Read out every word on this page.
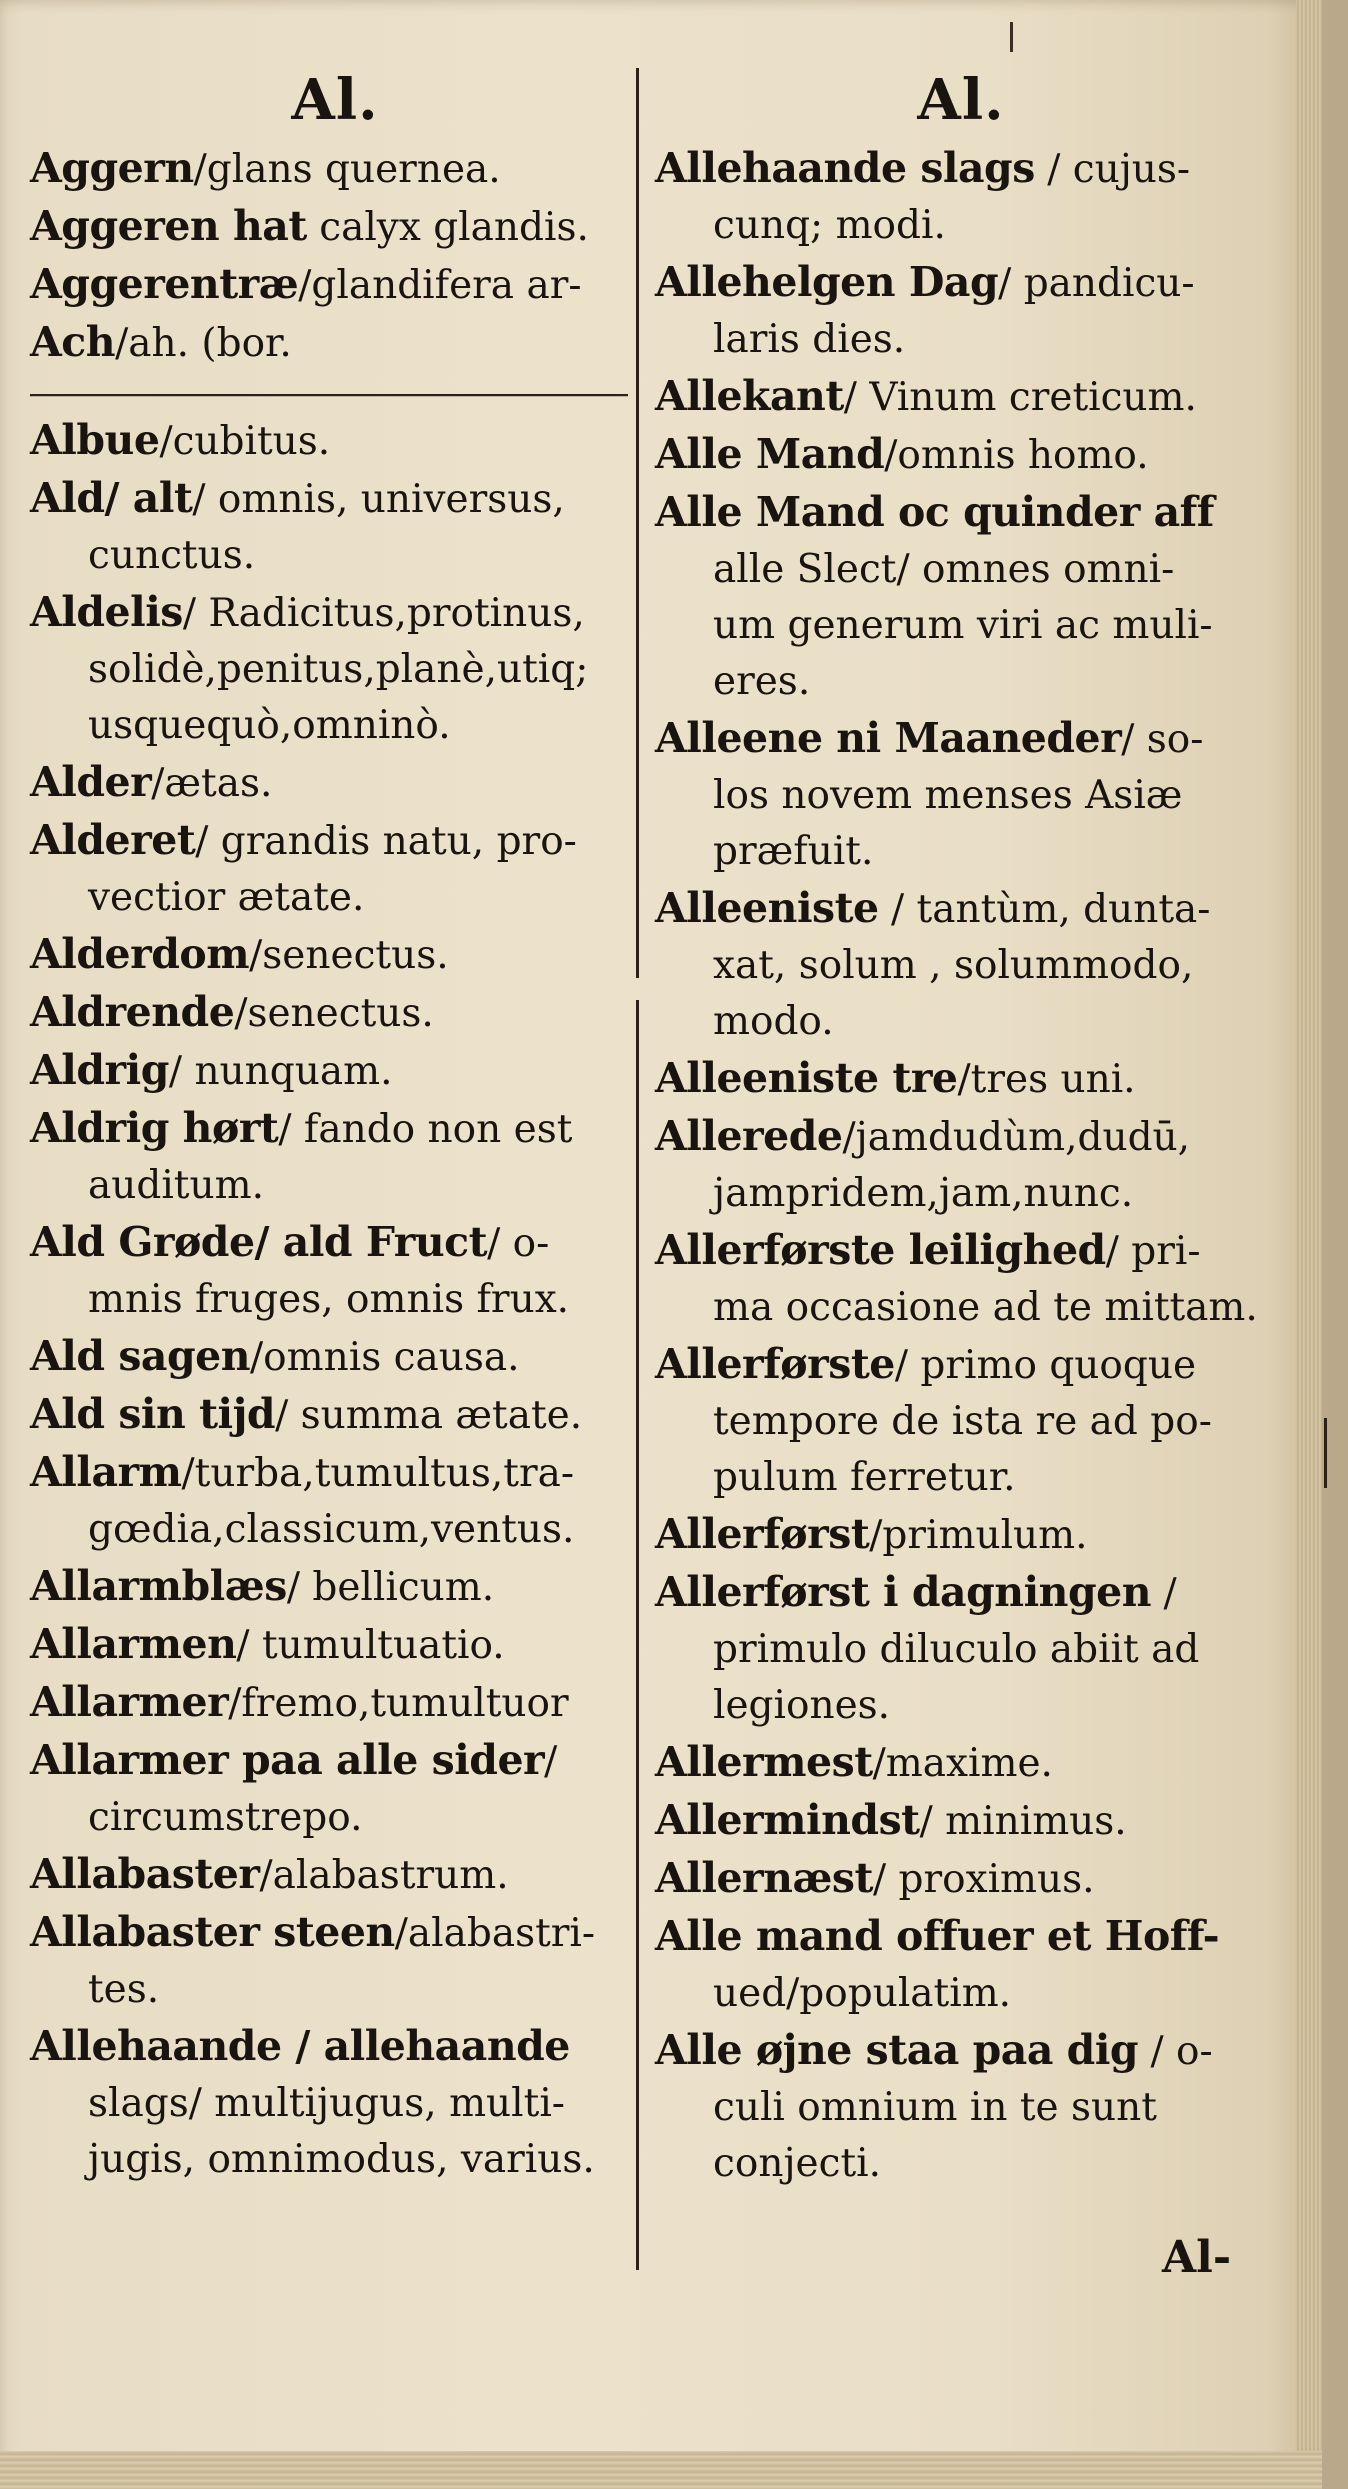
Al.
Aggern/glans quernea.
Aggeren hat calyx glandis.
Aggerentræ/glandifera ar-
Ach/ah. (bor.
Albue/cubitus.
Ald/ alt/ omnis, universus,
cunctus.
Aldelis/ Radicitus,protinus,
solidè,penitus,planè,utiq;
usquequò,omninò.
Alder/ætas.
Alderet/ grandis natu, pro-
vectior ætate.
Alderdom/senectus.
Aldrende/senectus.
Aldrig/ nunquam.
Aldrig hørt/ fando non est
auditum.
Ald Grøde/ ald Fruct/ o-
mnis fruges, omnis frux.
Ald sagen/omnis causa.
Ald sin tijd/ summa ætate.
Allarm/turba,tumultus,tra-
gœdia,classicum,ventus.
Allarmblæs/ bellicum.
Allarmen/ tumultuatio.
Allarmer/fremo,tumultuor
Allarmer paa alle sider/
circumstrepo.
Allabaster/alabastrum.
Allabaster steen/alabastri-
tes.
Allehaande / allehaande
slags/ multijugus, multi-
jugis, omnimodus, varius.
Al.
Allehaande slags / cujus-
cunq; modi.
Allehelgen Dag/ pandicu-
laris dies.
Allekant/ Vinum creticum.
Alle Mand/omnis homo.
Alle Mand oc quinder aff
alle Slect/ omnes omni-
um generum viri ac muli-
eres.
Alleene ni Maaneder/ so-
los novem menses Asiæ
præfuit.
Alleeniste / tantùm, dunta-
xat, solum , solummodo,
modo.
Alleeniste tre/tres uni.
Allerede/jamdudùm,dudū,
jampridem,jam,nunc.
Allerførste leilighed/ pri-
ma occasione ad te mittam.
Allerførste/ primo quoque
tempore de ista re ad po-
pulum ferretur.
Allerførst/primulum.
Allerførst i dagningen /
primulo diluculo abiit ad
legiones.
Allermest/maxime.
Allermindst/ minimus.
Allernæst/ proximus.
Alle mand offuer et Hoff-
ued/populatim.
Alle øjne staa paa dig / o-
culi omnium in te sunt
conjecti.
Al-
